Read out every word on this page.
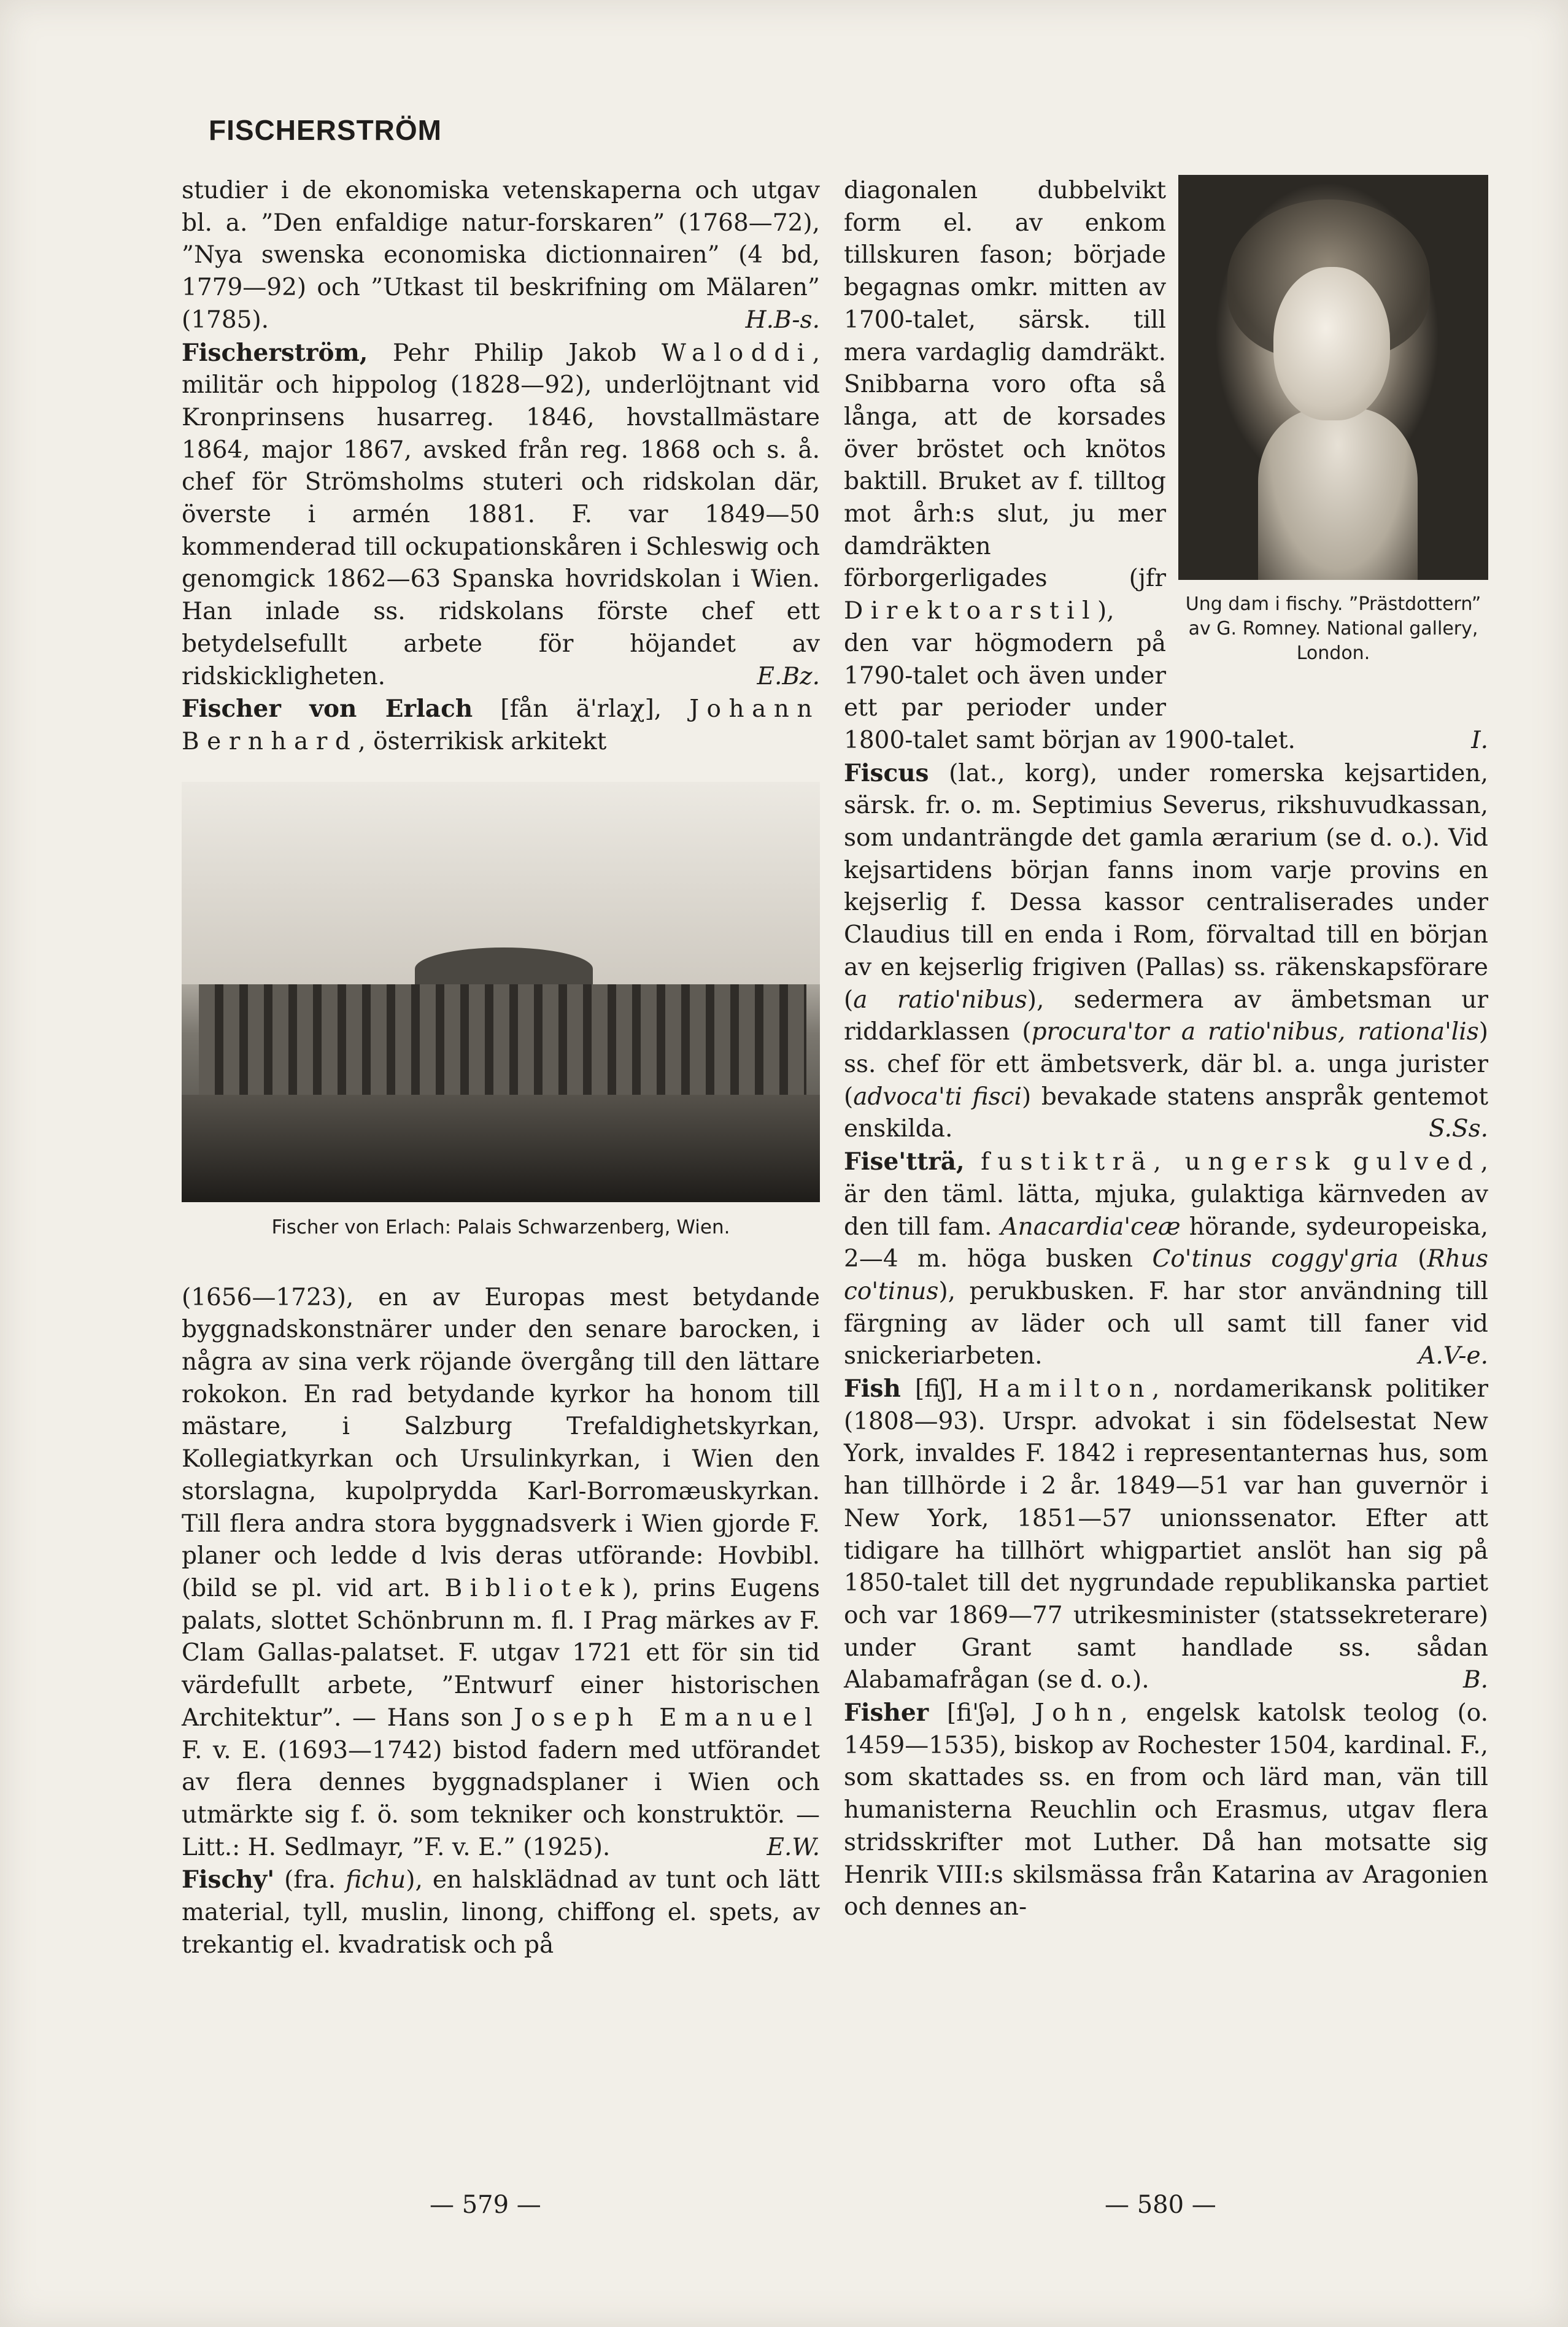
FISCHERSTRÖM

studier i de ekonomiska vetenskaperna och utgav bl. a. ”Den enfaldige natur-forskaren” (1768—72), ”Nya swenska economiska dictionnairen” (4 bd, 1779—92) och ”Utkast til beskrifning om Mälaren” (1785).	H.B-s.

Fischerström, Pehr Philip Jakob Waloddi, militär och hippolog (1828—92), underlöjtnant vid Kronprinsens husarreg. 1846, hovstallmästare 1864, major 1867, avsked från reg. 1868 och s. å. chef för Strömsholms stuteri och ridskolan där, överste i armén 1881. F. var 1849—50 kommenderad till ockupationskåren i Schleswig och genomgick 1862—63 Spanska hovridskolan i Wien. Han inlade ss. ridskolans förste chef ett betydelsefullt arbete för höjandet av ridskickligheten.	E.Bz.

Fischer von Erlach [fån ä'rlaχ], Johann Bernhard, österrikisk arkitekt

Fischer von Erlach: Palais Schwarzenberg, Wien.

(1656—1723), en av Europas mest betydande byggnadskonstnärer under den senare barocken, i några av sina verk röjande övergång till den lättare rokokon. En rad betydande kyrkor ha honom till mästare, i Salzburg Trefaldighetskyrkan, Kollegiatkyrkan och Ursulinkyrkan, i Wien den storslagna, kupolprydda Karl-Borromæuskyrkan. Till flera andra stora byggnadsverk i Wien gjorde F. planer och ledde d lvis deras utförande: Hovbibl. (bild se pl. vid art. Bibliotek), prins Eugens palats, slottet Schönbrunn m. fl. I Prag märkes av F. Clam Gallas-palatset. F. utgav 1721 ett för sin tid värdefullt arbete, ”Entwurf einer historischen Architektur”. — Hans son Joseph Emanuel F. v. E. (1693—1742) bistod fadern med utförandet av flera dennes byggnadsplaner i Wien och utmärkte sig f. ö. som tekniker och konstruktör. — Litt.: H. Sedlmayr, ”F. v. E.” (1925).	E.W.

Fischy' (fra. fichu), en halsklädnad av tunt och lätt material, tyll, muslin, linong, chiffong el. spets, av trekantig el. kvadratisk och på

Ung dam i fischy. ”Prästdottern” av G. Romney. National gallery, London.

diagonalen dubbelvikt form el. av enkom tillskuren fason; började begagnas omkr. mitten av 1700-talet, särsk. till mera vardaglig damdräkt. Snibbarna voro ofta så långa, att de korsades över bröstet och knötos baktill. Bruket av f. tilltog mot årh:s slut, ju mer damdräkten förborgerligades (jfr Direktoarstil), den var högmodern på 1790-talet och även under ett par perioder under 1800-talet samt början av 1900-talet.	I.

Fiscus (lat., korg), under romerska kejsartiden, särsk. fr. o. m. Septimius Severus, rikshuvudkassan, som undanträngde det gamla ærarium (se d. o.). Vid kejsartidens början fanns inom varje provins en kejserlig f. Dessa kassor centraliserades under Claudius till en enda i Rom, förvaltad till en början av en kejserlig frigiven (Pallas) ss. räkenskapsförare (a ratio'nibus), sedermera av ämbetsman ur riddarklassen (procura'tor a ratio'nibus, rationa'lis) ss. chef för ett ämbetsverk, där bl. a. unga jurister (advoca'ti fisci) bevakade statens anspråk gentemot enskilda.	S.Ss.

Fise'tträ, fustikträ, ungersk gulved, är den täml. lätta, mjuka, gulaktiga kärnveden av den till fam. Anacardia'ceæ hörande, sydeuropeiska, 2—4 m. höga busken Co'tinus coggy'gria (Rhus co'tinus), perukbusken. F. har stor användning till färgning av läder och ull samt till faner vid snickeriarbeten.	A.V-e.

Fish [fiʃ], Hamilton, nordamerikansk politiker (1808—93). Urspr. advokat i sin födelsestat New York, invaldes F. 1842 i representanternas hus, som han tillhörde i 2 år. 1849—51 var han guvernör i New York, 1851—57 unionssenator. Efter att tidigare ha tillhört whigpartiet anslöt han sig på 1850-talet till det nygrundade republikanska partiet och var 1869—77 utrikesminister (statssekreterare) under Grant samt handlade ss. sådan Alabamafrågan (se d. o.).	B.

Fisher [fi'ʃə], John, engelsk katolsk teolog (o. 1459—1535), biskop av Rochester 1504, kardinal. F., som skattades ss. en from och lärd man, vän till humanisterna Reuchlin och Erasmus, utgav flera stridsskrifter mot Luther. Då han motsatte sig Henrik VIII:s skilsmässa från Katarina av Aragonien och dennes an-

— 579 —	— 580 —
